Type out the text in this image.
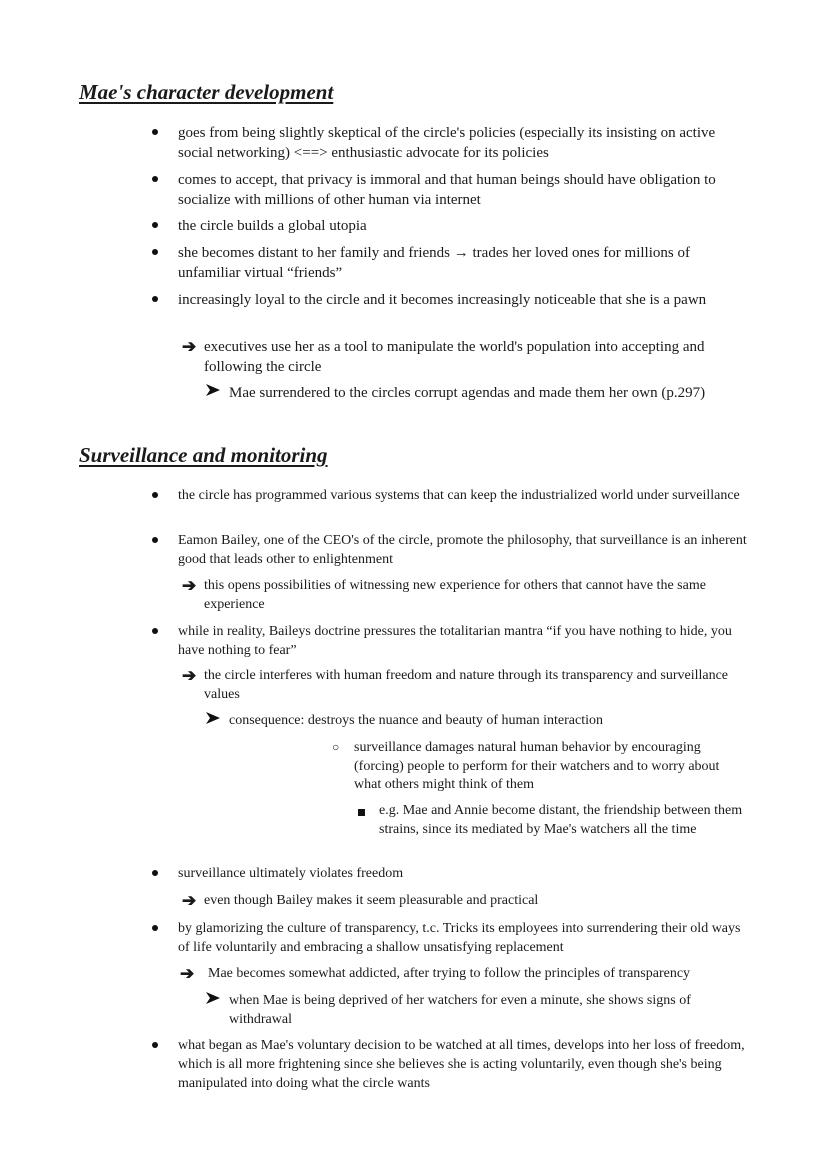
Mae's character development
goes from being slightly skeptical of the circle's policies (especially its insisting on active social networking) <==> enthusiastic advocate for its policies
comes to accept, that privacy is immoral and that human beings should have obligation to socialize with millions of other human via internet
the circle builds a global utopia
she becomes distant to her family and friends → trades her loved ones for millions of unfamiliar virtual “friends”
increasingly loyal to the circle and it becomes increasingly noticeable that she is a pawn
➔ executives use her as a tool to manipulate the world's population into accepting and following the circle
Mae surrendered to the circles corrupt agendas and made them her own (p.297)
Surveillance and monitoring
the circle has programmed various systems that can keep the industrialized world under surveillance
Eamon Bailey, one of the CEO's of the circle, promote the philosophy, that surveillance is an inherent good that leads other to enlightenment
➔ this opens possibilities of witnessing new experience for others that cannot have the same experience
while in reality, Baileys doctrine pressures the totalitarian mantra “if you have nothing to hide, you have nothing to fear”
➔ the circle interferes with human freedom and nature through its transparency and surveillance values
consequence: destroys the nuance and beauty of human interaction
○ surveillance damages natural human behavior by encouraging (forcing) people to perform for their watchers and to worry about what others might think of them
e.g. Mae and Annie become distant, the friendship between them strains, since its mediated by Mae's watchers all the time
surveillance ultimately violates freedom
➔ even though Bailey makes it seem pleasurable and practical
by glamorizing the culture of transparency, t.c. Tricks its employees into surrendering their old ways of life voluntarily and embracing a shallow unsatisfying replacement
➔ Mae becomes somewhat addicted, after trying to follow the principles of transparency
when Mae is being deprived of her watchers for even a minute, she shows signs of withdrawal
what began as Mae's voluntary decision to be watched at all times, develops into her loss of freedom, which is all more frightening since she believes she is acting voluntarily, even though she's being manipulated into doing what the circle wants
